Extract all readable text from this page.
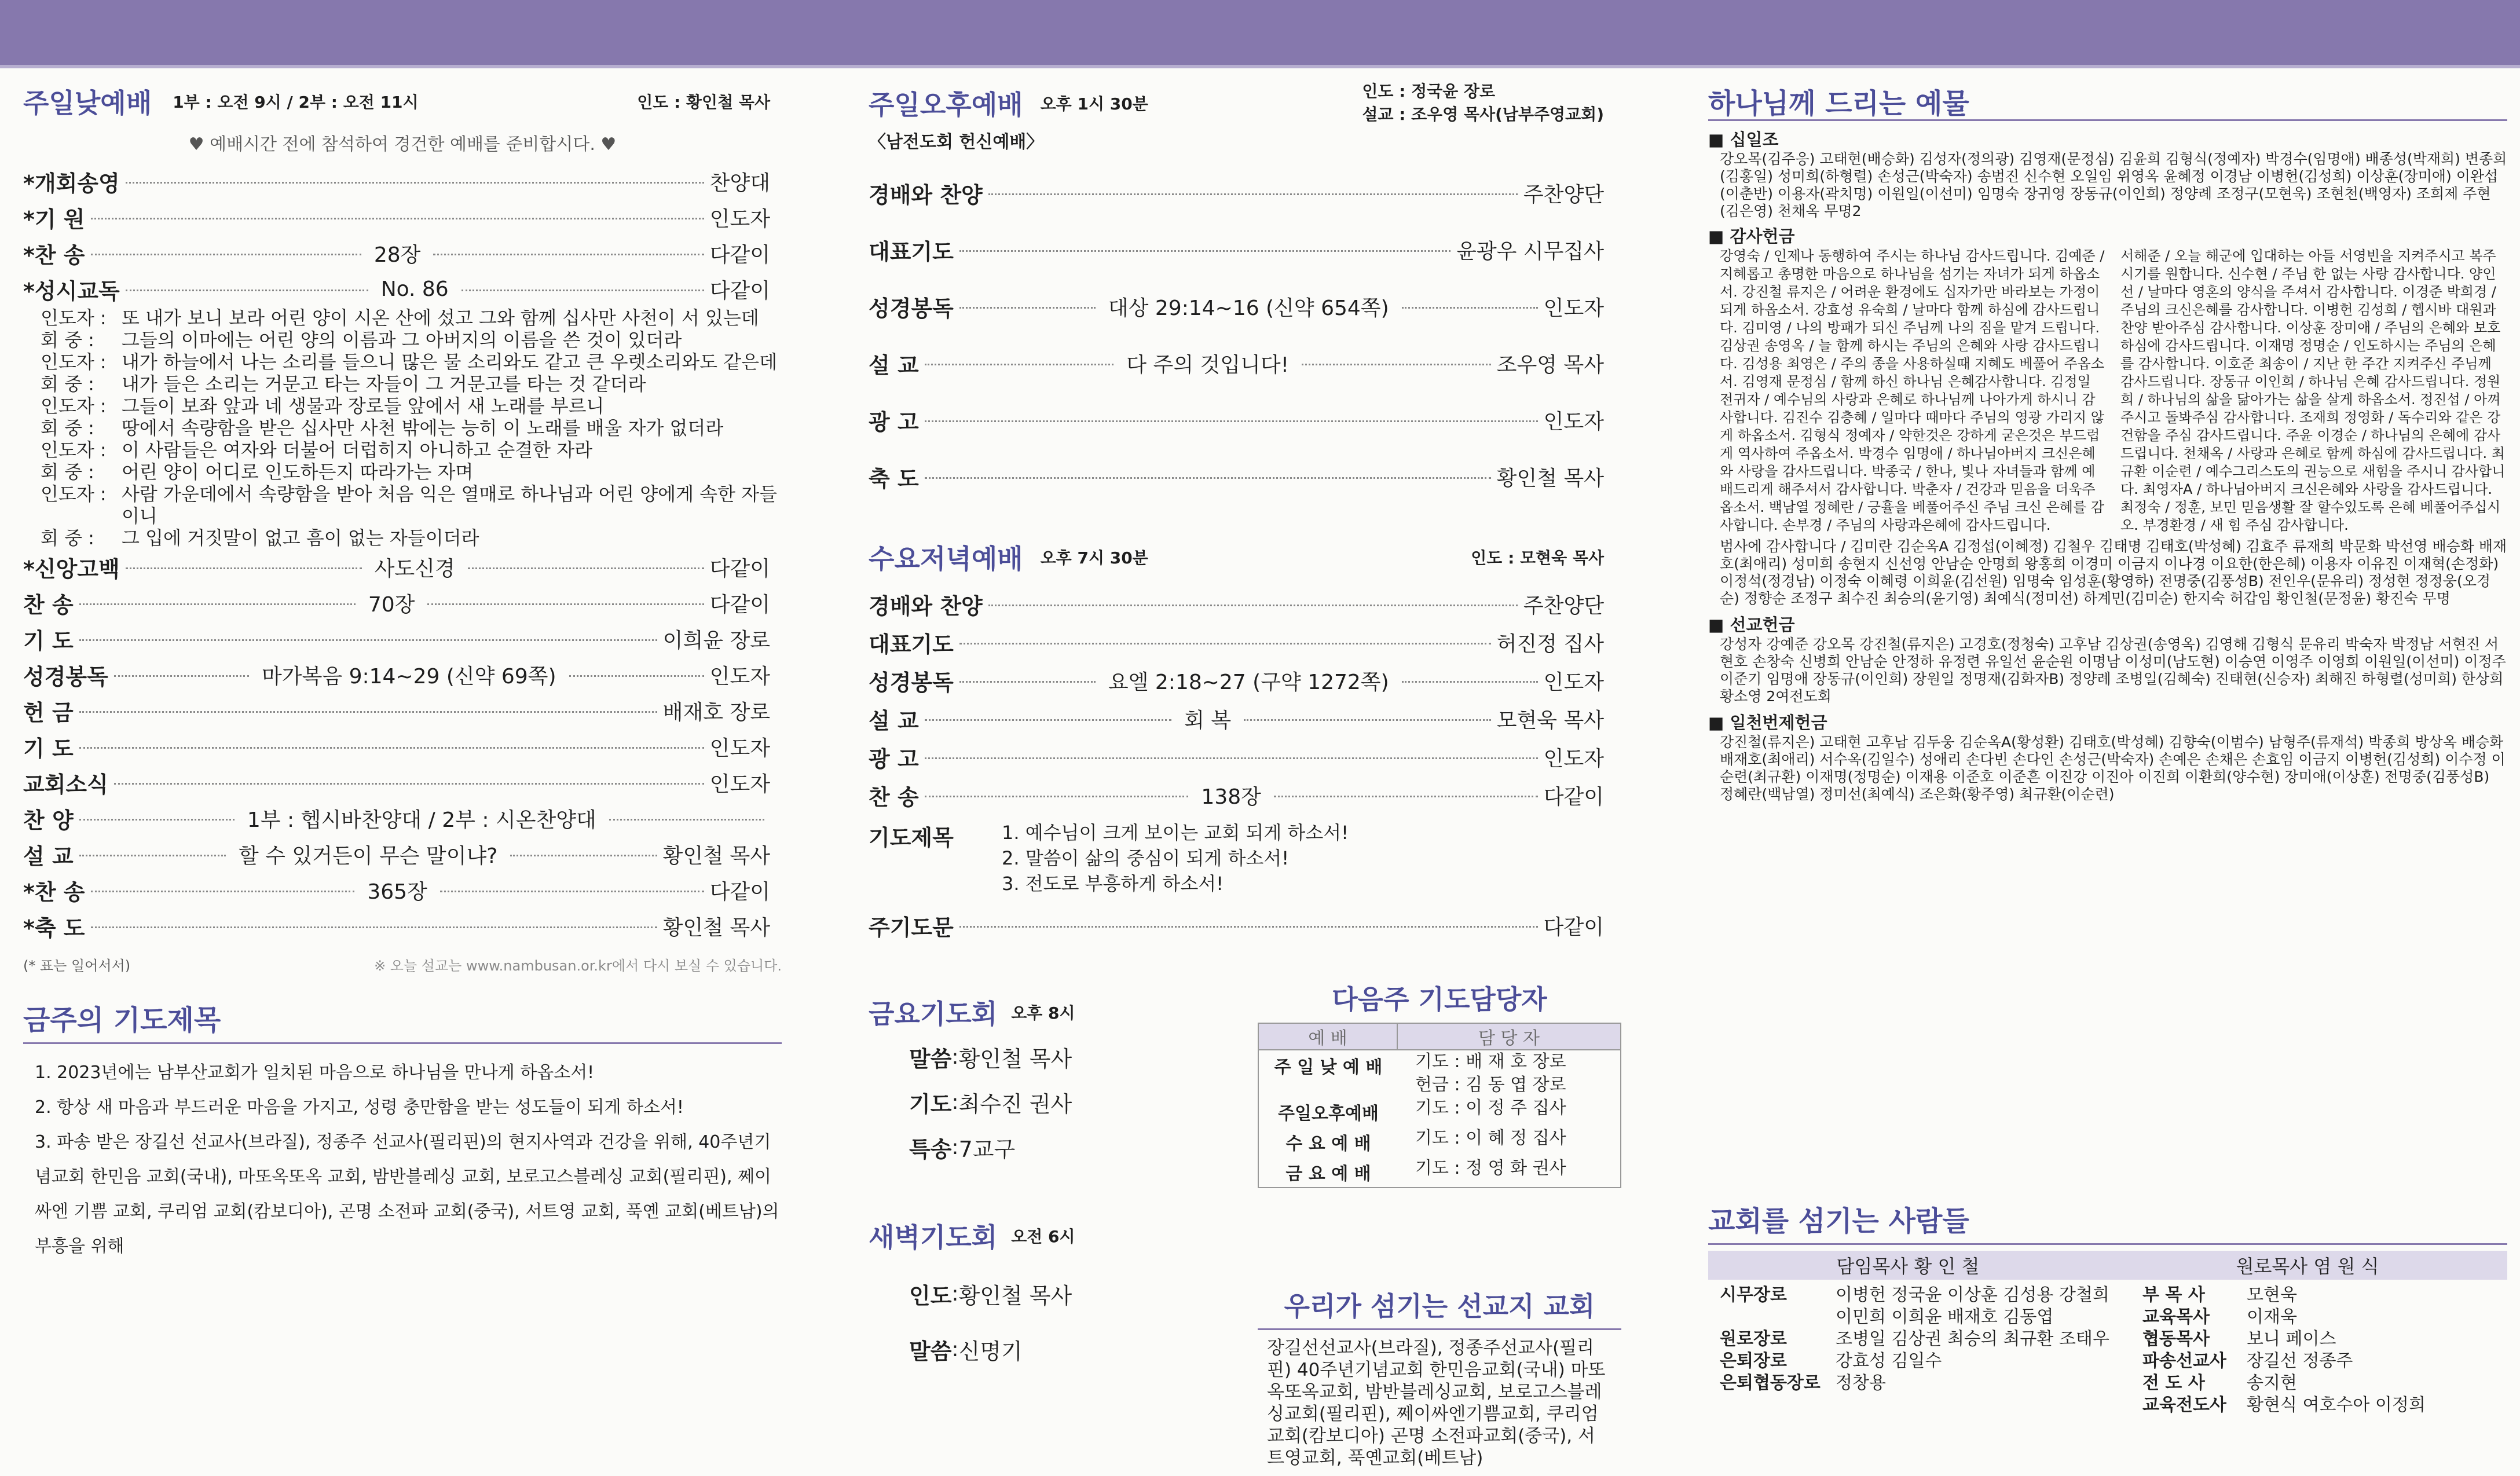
주일낮예배 1부 : 오전 9시 / 2부 : 오전 11시	인도 : 황인철 목사
♥ 예배시간 전에 참석하여 경건한 예배를 준비합시다. ♥
*개회송영	찬양대
*기 원	인도자
*찬 송	28장	다같이
*성시교독	No. 86	다같이
인도자 : 또 내가 보니 보라 어린 양이 시온 산에 섰고 그와 함께 십사만 사천이 서 있는데
회 중 :	그들의 이마에는 어린 양의 이름과 그 아버지의 이름을 쓴 것이 있더라
인도자 : 내가 하늘에서 나는 소리를 들으니 많은 물 소리와도 같고 큰 우렛소리와도 같은데
회 중 :	내가 들은 소리는 거문고 타는 자들이 그 거문고를 타는 것 같더라
인도자 : 그들이 보좌 앞과 네 생물과 장로들 앞에서 새 노래를 부르니
회 중 :	땅에서 속량함을 받은 십사만 사천 밖에는 능히 이 노래를 배울 자가 없더라
인도자 : 이 사람들은 여자와 더불어 더럽히지 아니하고 순결한 자라
회 중 :	어린 양이 어디로 인도하든지 따라가는 자며
인도자 : 사람 가운데에서 속량함을 받아 처음 익은 열매로 하나님과 어린 양에게 속한 자들이니
회 중 :	그 입에 거짓말이 없고 흠이 없는 자들이더라
*신앙고백	사도신경	다같이
찬 송	70장	다같이
기 도	이희윤 장로
성경봉독	마가복음 9:14~29 (신약 69쪽)	인도자
헌 금	배재호 장로
기 도	인도자
교회소식	인도자
찬 양	1부 : 헵시바찬양대 / 2부 : 시온찬양대
설 교	할 수 있거든이 무슨 말이냐?	황인철 목사
*찬 송	365장	다같이
*축 도	황인철 목사
(* 표는 일어서서)	※ 오늘 설교는 www.nambusan.or.kr에서 다시 보실 수 있습니다.
금주의 기도제목
1. 2023년에는 남부산교회가 일치된 마음으로 하나님을 만나게 하옵소서!
2. 항상 새 마음과 부드러운 마음을 가지고, 성령 충만함을 받는 성도들이 되게 하소서!
3. 파송 받은 장길선 선교사(브라질), 정종주 선교사(필리핀)의 현지사역과 건강을 위해, 40주년기념교회 한민음 교회(국내), 마또옥또옥 교회, 밤반블레싱 교회, 보로고스블레싱 교회(필리핀), 쩨이싸엔 기쁨 교회, 쿠리엄 교회(캄보디아), 곤명 소전파 교회(중국), 서트영 교회, 푹옌 교회(베트남)의 부흥을 위해
주일오후예배 오후 1시 30분
인도 : 정국윤 장로
설교 : 조우영 목사(남부주영교회)
〈남전도회 헌신예배〉
경배와 찬양	주찬양단
대표기도	윤광우 시무집사
성경봉독	대상 29:14~16 (신약 654쪽)	인도자
설 교	다 주의 것입니다!	조우영 목사
광 고	인도자
축 도	황인철 목사
수요저녁예배 오후 7시 30분	인도 : 모현욱 목사
경배와 찬양	주찬양단
대표기도	허진정 집사
성경봉독	요엘 2:18~27 (구약 1272쪽)	인도자
설 교	회 복	모현욱 목사
광 고	인도자
찬 송	138장	다같이
기도제목	1. 예수님이 크게 보이는 교회 되게 하소서!
2. 말씀이 삶의 중심이 되게 하소서!
3. 전도로 부흥하게 하소서!
주기도문	다같이
금요기도회 오후 8시
말씀 : 황인철 목사
기도 : 최수진 권사
특송 : 7교구
새벽기도회 오전 6시
인도 : 황인철 목사
말씀 : 신명기
다음주 기도담당자
예 배	담 당 자
주 일 낮 예 배	기도 : 배 재 호 장로
헌금 : 김 동 엽 장로
주일오후예배	기도 : 이 정 주 집사
수 요 예 배	기도 : 이 혜 정 집사
금 요 예 배	기도 : 정 영 화 권사
우리가 섬기는 선교지 교회
장길선선교사(브라질), 정종주선교사(필리핀) 40주년기념교회 한민음교회(국내) 마또옥또옥교회, 밤반블레싱교회, 보로고스블레싱교회(필리핀), 쩨이싸엔기쁨교회, 쿠리엄교회(캄보디아) 곤명 소전파교회(중국), 서트영교회, 푹옌교회(베트남)
하나님께 드리는 예물
■ 십일조
강오목(김주응) 고태현(배승화) 김성자(정의광) 김영재(문정심) 김윤희 김형식(정예자) 박경수(임명애) 배종성(박재희) 변종희(김홍일) 성미희(하형렬) 손성근(박숙자) 송범진 신수현 오일임 위영옥 윤혜정 이경남 이병헌(김성희) 이상훈(장미애) 이완섭(이춘반) 이용자(곽치명) 이원일(이선미) 임명숙 장귀영 장동규(이인희) 정양례 조정구(모현욱) 조현천(백영자) 조희제 주현(김은영) 천채옥 무명2
■ 감사헌금
강영숙 / 인제나 동행하여 주시는 하나님 감사드립니다. 김예준 / 지혜롭고 총명한 마음으로 하나님을 섬기는 자녀가 되게 하옵소서. 강진철 류지은 / 어려운 환경에도 십자가만 바라보는 가정이 되게 하옵소서. 강효성 유숙희 / 날마다 함께 하심에 감사드립니다. 김미영 / 나의 방패가 되신 주님께 나의 짐을 맡겨 드립니다. 김상권 송영옥 / 늘 함께 하시는 주님의 은혜와 사랑 감사드립니다. 김성용 최영은 / 주의 종을 사용하실때 지혜도 베풀어 주옵소서. 김영재 문정심 / 함께 하신 하나님 은혜감사합니다. 김정일 전귀자 / 예수님의 사랑과 은혜로 하나님께 나아가게 하시니 감사합니다. 김진수 김층혜 / 일마다 때마다 주님의 영광 가리지 않게 하옵소서. 김형식 정예자 / 약한것은 강하게 굳은것은 부드럽게 역사하여 주옵소서. 박경수 임명애 / 하나님아버지 크신은혜와 사랑을 감사드립니다. 박종국 / 한나, 빛나 자녀들과 함께 예배드리게 해주셔서 감사합니다. 박춘자 / 건강과 믿음을 더욱주옵소서. 백남열 정혜란 / 긍휼을 베풀어주신 주님 크신 은혜를 감사합니다. 손부경 / 주님의 사랑과은혜에 감사드립니다.
서해준 / 오늘 해군에 입대하는 아들 서영빈을 지켜주시고 복주시기를 원합니다. 신수현 / 주님 한 없는 사랑 감사합니다. 양인선 / 날마다 영혼의 양식을 주셔서 감사합니다. 이경준 박희경 / 주님의 크신은혜를 감사합니다. 이병헌 김성희 / 헵시바 대원과 찬양 받아주심 감사합니다. 이상훈 장미애 / 주님의 은혜와 보호하심에 감사드립니다. 이재명 정명순 / 인도하시는 주님의 은혜를 감사합니다. 이호준 최송이 / 지난 한 주간 지켜주신 주님께 감사드립니다. 장동규 이인희 / 하나님 은혜 감사드립니다. 정원희 / 하나님의 삶을 닮아가는 삶을 살게 하옵소서. 정진섭 / 아껴주시고 돌봐주심 감사합니다. 조재희 정영화 / 독수리와 같은 강건함을 주심 감사드립니다. 주윤 이경순 / 하나님의 은혜에 감사드립니다. 천채옥 / 사랑과 은혜로 함께 하심에 감사드립니다. 최규환 이순련 / 예수그리스도의 권능으로 새힘을 주시니 감사합니다. 최영자A / 하나님아버지 크신은혜와 사랑을 감사드립니다. 최정숙 / 정훈, 보민 믿음생활 잘 할수있도록 은혜 베풀어주십시오. 부경환경 / 새 힘 주심 감사합니다.
범사에 감사합니다 / 김미란 김순옥A 김정섭(이혜정) 김철우 김태명 김태호(박성혜) 김효주 류재희 박문화 박선영 배승화 배재호(최애리) 성미희 송현지 신선영 안남순 안명희 왕홍희 이경미 이금지 이나경 이요한(한은혜) 이용자 이유진 이재혁(손정화) 이정석(정경남) 이정숙 이혜령 이희윤(김선원) 임명숙 임성훈(황영하) 전명중(김풍성B) 전인우(문유리) 정성현 정정웅(오경순) 정향순 조정구 최수진 최승의(윤기영) 최예식(정미선) 하계민(김미순) 한지숙 허갑임 황인철(문정윤) 황진숙 무명
■ 선교헌금
강성자 강예준 강오목 강진철(류지은) 고경호(정청숙) 고후남 김상권(송영옥) 김영해 김형식 문유리 박숙자 박정남 서현진 서현호 손창숙 신병희 안남순 안정하 유정련 유일선 윤순원 이명남 이성미(남도현) 이승연 이영주 이영희 이원일(이선미) 이정주 이준기 임명애 장동규(이인희) 장원일 정명재(김화자B) 정양례 조병일(김혜숙) 진태현(신승자) 최해진 하형렬(성미희) 한상희 황소영 2여전도회
■ 일천번제헌금
강진철(류지은) 고태현 고후남 김두웅 김순옥A(황성환) 김태호(박성혜) 김향숙(이범수) 남형주(류재석) 박종희 방상옥 배승화 배재호(최애리) 서수옥(김일수) 성애리 손다빈 손다인 손성근(박숙자) 손예은 손채은 손효임 이금지 이병헌(김성희) 이수정 이순련(최규환) 이재명(정명순) 이재용 이준호 이준흔 이진강 이진아 이진희 이환희(양수현) 장미애(이상훈) 전명중(김풍성B) 정혜란(백남열) 정미선(최예식) 조은화(황주영) 최규환(이순련)
교회를 섬기는 사람들
담임목사 황 인 철	원로목사 염 원 식
시무장로	이병헌 정국윤 이상훈 김성용 강철희 이민희 이희윤 배재호 김동엽
원로장로	조병일 김상권 최승의 최규환 조태우
은퇴장로	강효성 김일수
은퇴협동장로 정창용
부 목 사	모현욱
교육목사	이재욱
협동목사	보니 페이스
파송선교사	장길선 정종주
전 도 사	송지현
교육전도사	황현식 여호수아 이정희
